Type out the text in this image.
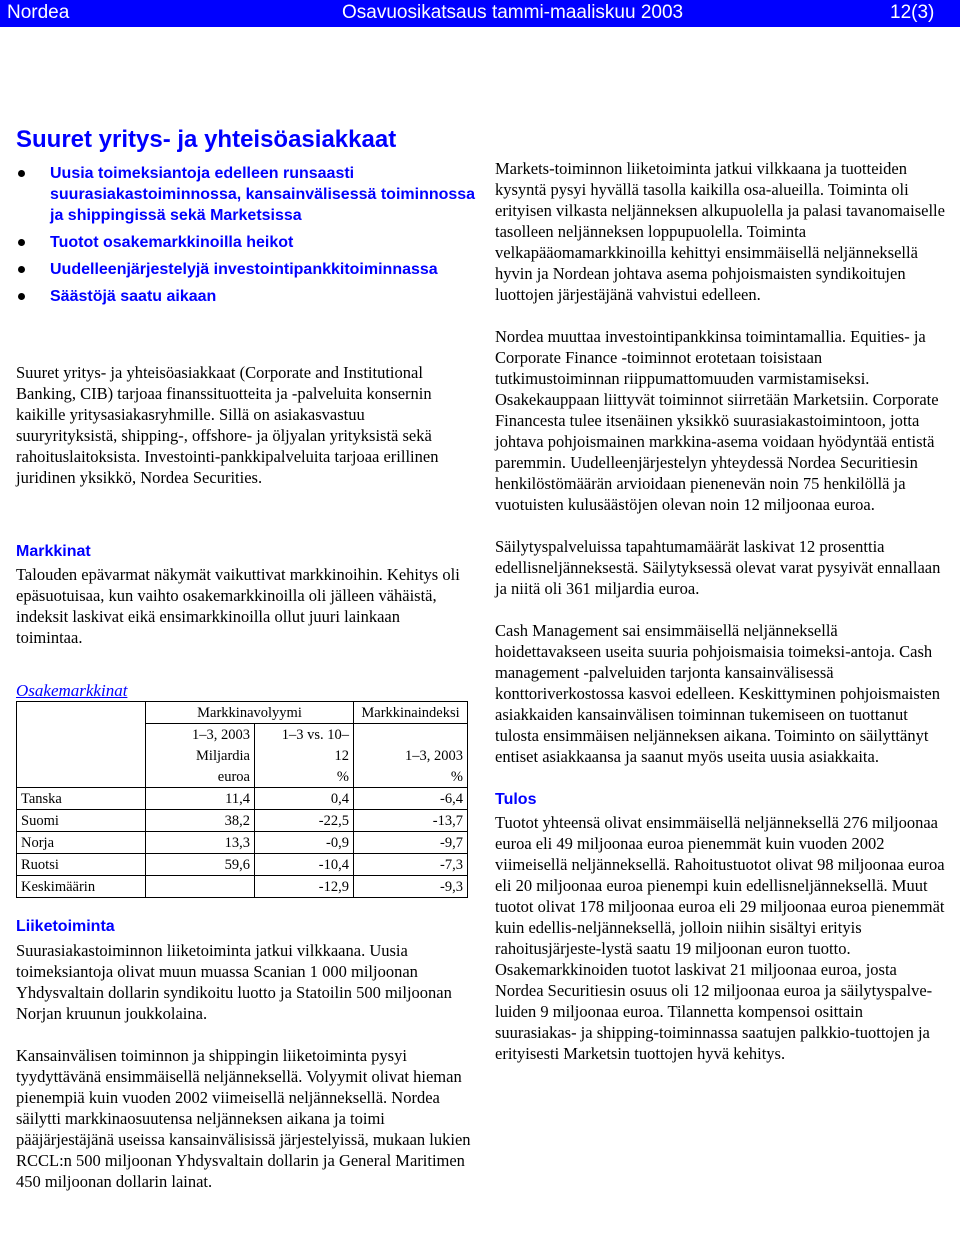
Nordea	Osavuosikatsaus tammi-maaliskuu 2003	12(3)
Suuret yritys- ja yhteisöasiakkaat
Uusia toimeksiantoja edelleen runsaasti suurasiakastoiminnossa, kansainvälisessä toiminnossa ja shippingissä sekä Marketsissa
Tuotot osakemarkkinoilla heikot
Uudelleenjärjestelyjä investointipankkitoiminnassa
Säästöjä saatu aikaan

Suuret yritys- ja yhteisöasiakkaat (Corporate and Institutional Banking, CIB) tarjoaa finanssituotteita ja -palveluita konsernin kaikille yritysasiakasryhmille. Sillä on asiakasvastuu suuryrityksistä, shipping-, offshore- ja öljyalan yrityksistä sekä rahoituslaitoksista. Investointi-pankkipalveluita tarjoaa erillinen juridinen yksikkö, Nordea Securities.

Markkinat

Talouden epävarmat näkymät vaikuttivat markkinoihin. Kehitys oli epäsuotuisaa, kun vaihto osakemarkkinoilla oli jälleen vähäistä, indeksit laskivat eikä ensimarkkinoilla ollut juuri lainkaan toimintaa.

Osakemarkkinat
	Markkinavolyymi		Markkinaindeksi
	1–3, 2003	1–3 vs. 10–	
	Miljardia	12	1–3, 2003
	euroa	%	%
Tanska	11,4	0,4	-6,4
Suomi	38,2	-22,5	-13,7
Norja	13,3	-0,9	-9,7
Ruotsi	59,6	-10,4	-7,3
Keskimäärin		-12,9	-9,3
Liiketoiminta

Suurasiakastoiminnon liiketoiminta jatkui vilkkaana. Uusia toimeksiantoja olivat muun muassa Scanian 1 000 miljoonan Yhdysvaltain dollarin syndikoitu luotto ja Statoilin 500 miljoonan Norjan kruunun joukkolaina.

Kansainvälisen toiminnon ja shippingin liiketoiminta pysyi tyydyttävänä ensimmäisellä neljänneksellä. Volyymit olivat hieman pienempiä kuin vuoden 2002 viimeisellä neljänneksellä. Nordea säilytti markkinaosuutensa neljänneksen aikana ja toimi pääjärjestäjänä useissa kansainvälisissä järjestelyissä, mukaan lukien RCCL:n 500 miljoonan Yhdysvaltain dollarin ja General Maritimen 450 miljoonan dollarin lainat.

Markets-toiminnon liiketoiminta jatkui vilkkaana ja tuotteiden kysyntä pysyi hyvällä tasolla kaikilla osa-alueilla. Toiminta oli erityisen vilkasta neljänneksen alkupuolella ja palasi tavanomaiselle tasolleen neljänneksen loppupuolella. Toiminta velkapääomamarkkinoilla kehittyi ensimmäisellä neljänneksellä hyvin ja Nordean johtava asema pohjoismaisten syndikoitujen luottojen järjestäjänä vahvistui edelleen.

Nordea muuttaa investointipankkinsa toimintamallia. Equities- ja Corporate Finance -toiminnot erotetaan toisistaan tutkimustoiminnan riippumattomuuden varmistamiseksi. Osakekauppaan liittyvät toiminnot siirretään Marketsiin. Corporate Financesta tulee itsenäinen yksikkö suurasiakastoimintoon, jotta johtava pohjoismainen markkina-asema voidaan hyödyntää entistä paremmin. Uudelleenjärjestelyn yhteydessä Nordea Securitiesin henkilöstömäärän arvioidaan pienenevän noin 75 henkilöllä ja vuotuisten kulusäästöjen olevan noin 12 miljoonaa euroa.

Säilytyspalveluissa tapahtumamäärät laskivat 12 prosenttia edellisneljänneksestä. Säilytyksessä olevat varat pysyivät ennallaan ja niitä oli 361 miljardia euroa.

Cash Management sai ensimmäisellä neljänneksellä hoidettavakseen useita suuria pohjoismaisia toimeksi-antoja. Cash management -palveluiden tarjonta kansainvälisessä konttoriverkostossa kasvoi edelleen. Keskittyminen pohjoismaisten asiakkaiden kansainvälisen toiminnan tukemiseen on tuottanut tulosta ensimmäisen neljänneksen aikana. Toiminto on säilyttänyt entiset asiakkaansa ja saanut myös useita uusia asiakkaita.

Tulos

Tuotot yhteensä olivat ensimmäisellä neljänneksellä 276 miljoonaa euroa eli 49 miljoonaa euroa pienemmät kuin vuoden 2002 viimeisellä neljänneksellä. Rahoitustuotot olivat 98 miljoonaa euroa eli 20 miljoonaa euroa pienempi kuin edellisneljänneksellä. Muut tuotot olivat 178 miljoonaa euroa eli 29 miljoonaa euroa pienemmät kuin edellis-neljänneksellä, jolloin niihin sisältyi erityis rahoitusjärjeste-lystä saatu 19 miljoonan euron tuotto. Osakemarkkinoiden tuotot laskivat 21 miljoonaa euroa, josta Nordea Securitiesin osuus oli 12 miljoonaa euroa ja säilytyspalve-luiden 9 miljoonaa euroa. Tilannetta kompensoi osittain suurasiakas- ja shipping-toiminnassa saatujen palkkio-tuottojen ja erityisesti Marketsin tuottojen hyvä kehitys.
